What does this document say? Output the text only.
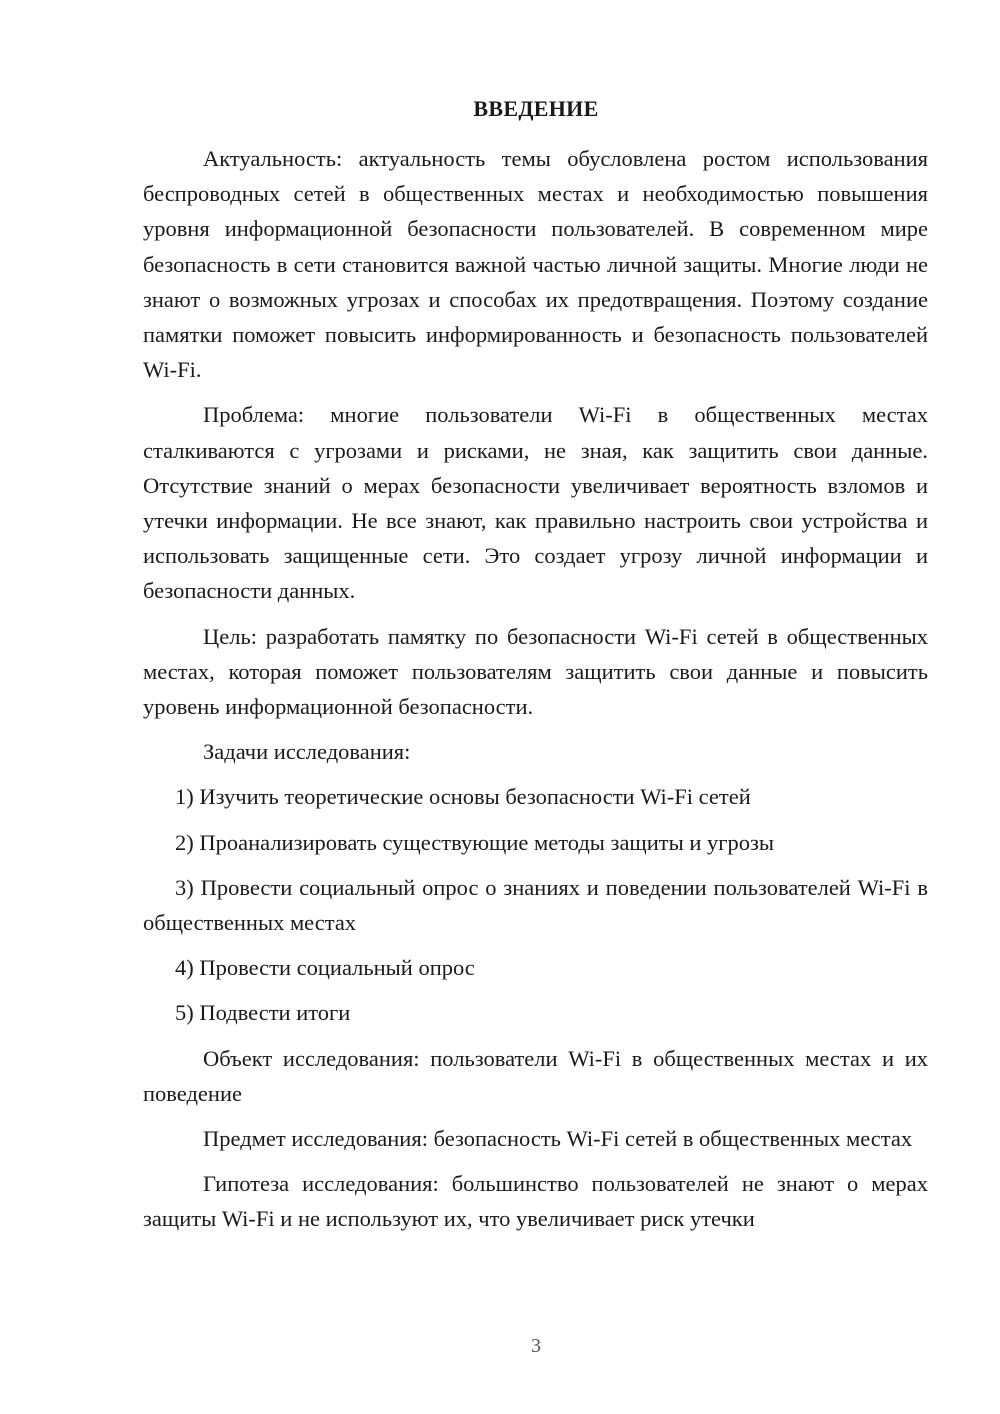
ВВЕДЕНИЕ

Актуальность: актуальность темы обусловлена ростом использования беспроводных сетей в общественных местах и необходимостью повышения уровня информационной безопасности пользователей. В современном мире безопасность в сети становится важной частью личной защиты. Многие люди не знают о возможных угрозах и способах их предотвращения. Поэтому создание памятки поможет повысить информированность и безопасность пользователей Wi-Fi.

Проблема: многие пользователи Wi-Fi в общественных местах сталкиваются с угрозами и рисками, не зная, как защитить свои данные. Отсутствие знаний о мерах безопасности увеличивает вероятность взломов и утечки информации. Не все знают, как правильно настроить свои устройства и использовать защищенные сети. Это создает угрозу личной информации и безопасности данных.

Цель: разработать памятку по безопасности Wi-Fi сетей в общественных местах, которая поможет пользователям защитить свои данные и повысить уровень информационной безопасности.

Задачи исследования:

1) Изучить теоретические основы безопасности Wi-Fi сетей

2) Проанализировать существующие методы защиты и угрозы

3) Провести социальный опрос о знаниях и поведении пользователей Wi-Fi в общественных местах

4) Провести социальный опрос

5) Подвести итоги

Объект исследования: пользователи Wi-Fi в общественных местах и их поведение

Предмет исследования: безопасность Wi-Fi сетей в общественных местах

Гипотеза исследования: большинство пользователей не знают о мерах защиты Wi-Fi и не используют их, что увеличивает риск утечки

3
